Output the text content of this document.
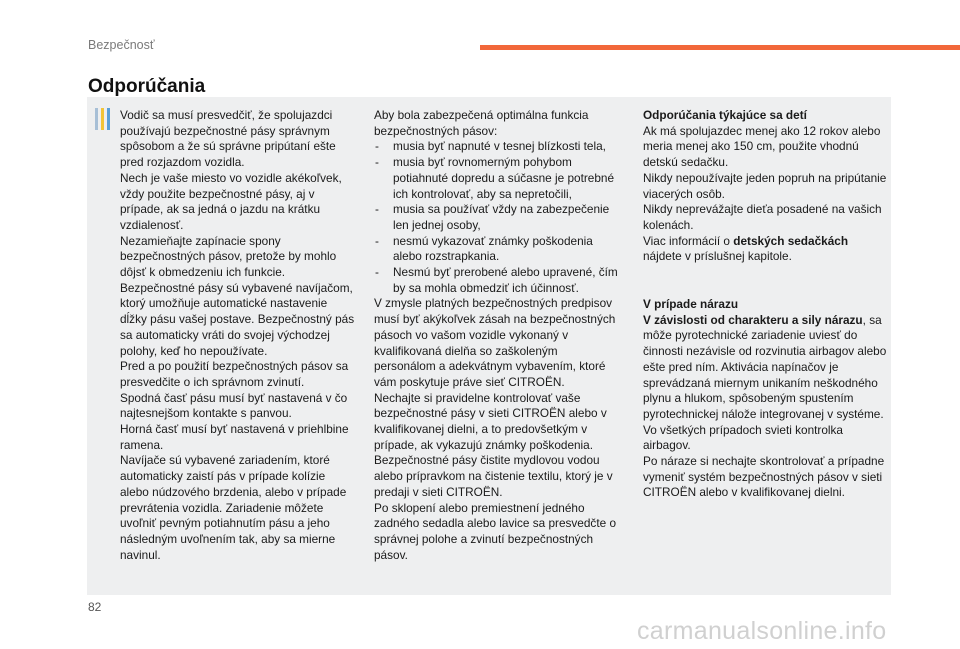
Bezpečnosť
Odporúčania

Vodič sa musí presvedčiť, že spolujazdci používajú bezpečnostné pásy správnym spôsobom a že sú správne pripútaní ešte pred rozjazdom vozidla.

Nech je vaše miesto vo vozidle akékoľvek, vždy použite bezpečnostné pásy, aj v prípade, ak sa jedná o jazdu na krátku vzdialenosť.

Nezamieňajte zapínacie spony bezpečnostných pásov, pretože by mohlo dôjsť k obmedzeniu ich funkcie.

Bezpečnostné pásy sú vybavené navíjačom, ktorý umožňuje automatické nastavenie dĺžky pásu vašej postave. Bezpečnostný pás sa automaticky vráti do svojej východzej polohy, keď ho nepoužívate.

Pred a po použití bezpečnostných pásov sa presvedčite o ich správnom zvinutí.

Spodná časť pásu musí byť nastavená v čo najtesnejšom kontakte s panvou.

Horná časť musí byť nastavená v priehlbine ramena.

Navíjače sú vybavené zariadením, ktoré automaticky zaistí pás v prípade kolízie alebo núdzového brzdenia, alebo v prípade prevrátenia vozidla. Zariadenie môžete uvoľniť pevným potiahnutím pásu a jeho následným uvoľnením tak, aby sa mierne navinul.

Aby bola zabezpečená optimálna funkcia bezpečnostných pásov:

- musia byť napnuté v tesnej blízkosti tela,
- musia byť rovnomerným pohybom potiahnuté dopredu a súčasne je potrebné ich kontrolovať, aby sa nepretočili,
- musia sa používať vždy na zabezpečenie len jednej osoby,
- nesmú vykazovať známky poškodenia alebo rozstrapkania.
- Nesmú byť prerobené alebo upravené, čím by sa mohla obmedziť ich účinnosť.

V zmysle platných bezpečnostných predpisov musí byť akýkoľvek zásah na bezpečnostných pásoch vo vašom vozidle vykonaný v kvalifikovaná dielňa so zaškoleným personálom a adekvátnym vybavením, ktoré vám poskytuje práve sieť CITROËN.

Nechajte si pravidelne kontrolovať vaše bezpečnostné pásy v sieti CITROËN alebo v kvalifikovanej dielni, a to predovšetkým v prípade, ak vykazujú známky poškodenia.

Bezpečnostné pásy čistite mydlovou vodou alebo prípravkom na čistenie textilu, ktorý je v predaji v sieti CITROËN.

Po sklopení alebo premiestnení jedného zadného sedadla alebo lavice sa presvedčte o správnej polohe a zvinutí bezpečnostných pásov.

Odporúčania týkajúce sa detí

Ak má spolujazdec menej ako 12 rokov alebo meria menej ako 150 cm, použite vhodnú detskú sedačku.

Nikdy nepoužívajte jeden popruh na pripútanie viacerých osôb.

Nikdy neprevážajte dieťa posadené na vašich kolenách.

Viac informácií o detských sedačkách nájdete v príslušnej kapitole.

V prípade nárazu

V závislosti od charakteru a sily nárazu, sa môže pyrotechnické zariadenie uviesť do činnosti nezávisle od rozvinutia airbagov alebo ešte pred ním. Aktivácia napínačov je sprevádzaná miernym unikaním neškodného plynu a hlukom, spôsobeným spustením pyrotechnickej nálože integrovanej v systéme.

Vo všetkých prípadoch svieti kontrolka airbagov.

Po náraze si nechajte skontrolovať a prípadne vymeniť systém bezpečnostných pásov v sieti CITROËN alebo v kvalifikovanej dielni.

82
carmanualsonline.info
